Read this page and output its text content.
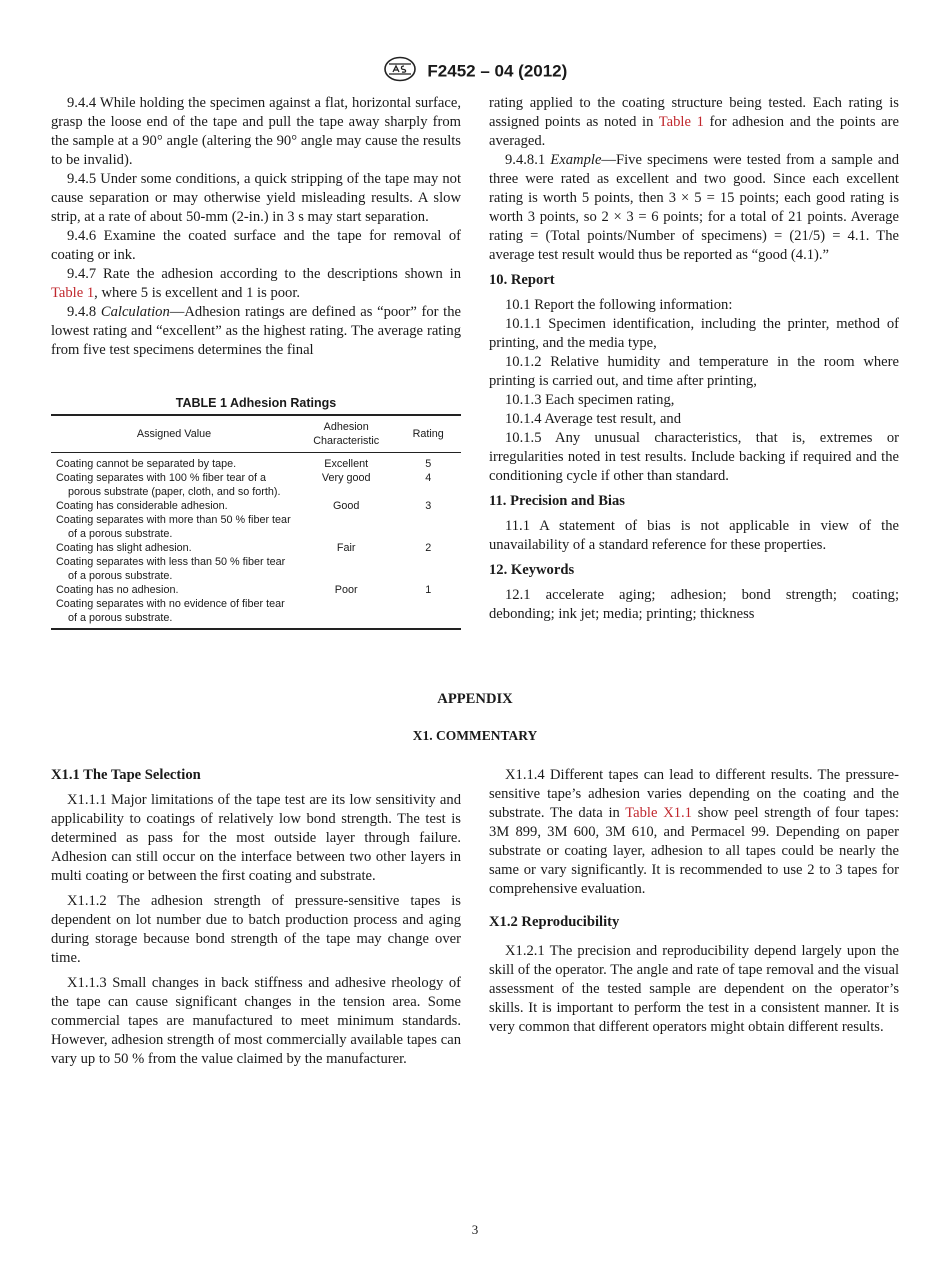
F2452 – 04 (2012)

9.4.4 While holding the specimen against a flat, horizontal surface, grasp the loose end of the tape and pull the tape away sharply from the sample at a 90° angle (altering the 90° angle may cause the results to be invalid).

9.4.5 Under some conditions, a quick stripping of the tape may not cause separation or may otherwise yield misleading results. A slow strip, at a rate of about 50-mm (2-in.) in 3 s may start separation.

9.4.6 Examine the coated surface and the tape for removal of coating or ink.

9.4.7 Rate the adhesion according to the descriptions shown in Table 1, where 5 is excellent and 1 is poor.

9.4.8 Calculation—Adhesion ratings are defined as “poor” for the lowest rating and “excellent” as the highest rating. The average rating from five test specimens determines the final

TABLE 1 Adhesion Ratings
Assigned Value	Adhesion Characteristic	Rating

Coating cannot be separated by tape.	Excellent	5

Coating separates with 100 % fiber tear of a porous substrate (paper, cloth, and so forth).	Very good	4

Coating has considerable adhesion.
Coating separates with more than 50 % fiber tear of a porous substrate.	Good	3

Coating has slight adhesion.
Coating separates with less than 50 % fiber tear of a porous substrate.	Fair	2

Coating has no adhesion.
Coating separates with no evidence of fiber tear of a porous substrate.	Poor	1

rating applied to the coating structure being tested. Each rating is assigned points as noted in Table 1 for adhesion and the points are averaged.

9.4.8.1 Example—Five specimens were tested from a sample and three were rated as excellent and two good. Since each excellent rating is worth 5 points, then 3 × 5 = 15 points; each good rating is worth 3 points, so 2 × 3 = 6 points; for a total of 21 points. Average rating = (Total points/Number of specimens) = (21/5) = 4.1. The average test result would thus be reported as “good (4.1).”

10. Report

10.1 Report the following information:

10.1.1 Specimen identification, including the printer, method of printing, and the media type,

10.1.2 Relative humidity and temperature in the room where printing is carried out, and time after printing,

10.1.3 Each specimen rating,

10.1.4 Average test result, and

10.1.5 Any unusual characteristics, that is, extremes or irregularities noted in test results. Include backing if required and the conditioning cycle if other than standard.

11. Precision and Bias

11.1 A statement of bias is not applicable in view of the unavailability of a standard reference for these properties.

12. Keywords

12.1 accelerate aging; adhesion; bond strength; coating; debonding; ink jet; media; printing; thickness

APPENDIX
X1. COMMENTARY
X1.1 The Tape Selection

X1.1.1 Major limitations of the tape test are its low sensitivity and applicability to coatings of relatively low bond strength. The test is determined as pass for the most outside layer through failure. Adhesion can still occur on the interface between two other layers in multi coating or between the first coating and substrate.

X1.1.2 The adhesion strength of pressure-sensitive tapes is dependent on lot number due to batch production process and aging during storage because bond strength of the tape may change over time.

X1.1.3 Small changes in back stiffness and adhesive rheology of the tape can cause significant changes in the tension area. Some commercial tapes are manufactured to meet minimum standards. However, adhesion strength of most commercially available tapes can vary up to 50 % from the value claimed by the manufacturer.

X1.1.4 Different tapes can lead to different results. The pressure-sensitive tape’s adhesion varies depending on the coating and the substrate. The data in Table X1.1 show peel strength of four tapes: 3M 899, 3M 600, 3M 610, and Permacel 99. Depending on paper substrate or coating layer, adhesion to all tapes could be nearly the same or vary significantly. It is recommended to use 2 to 3 tapes for comprehensive evaluation.

X1.2 Reproducibility

X1.2.1 The precision and reproducibility depend largely upon the skill of the operator. The angle and rate of tape removal and the visual assessment of the tested sample are dependent on the operator’s skills. It is important to perform the test in a consistent manner. It is very common that different operators might obtain different results.

3
